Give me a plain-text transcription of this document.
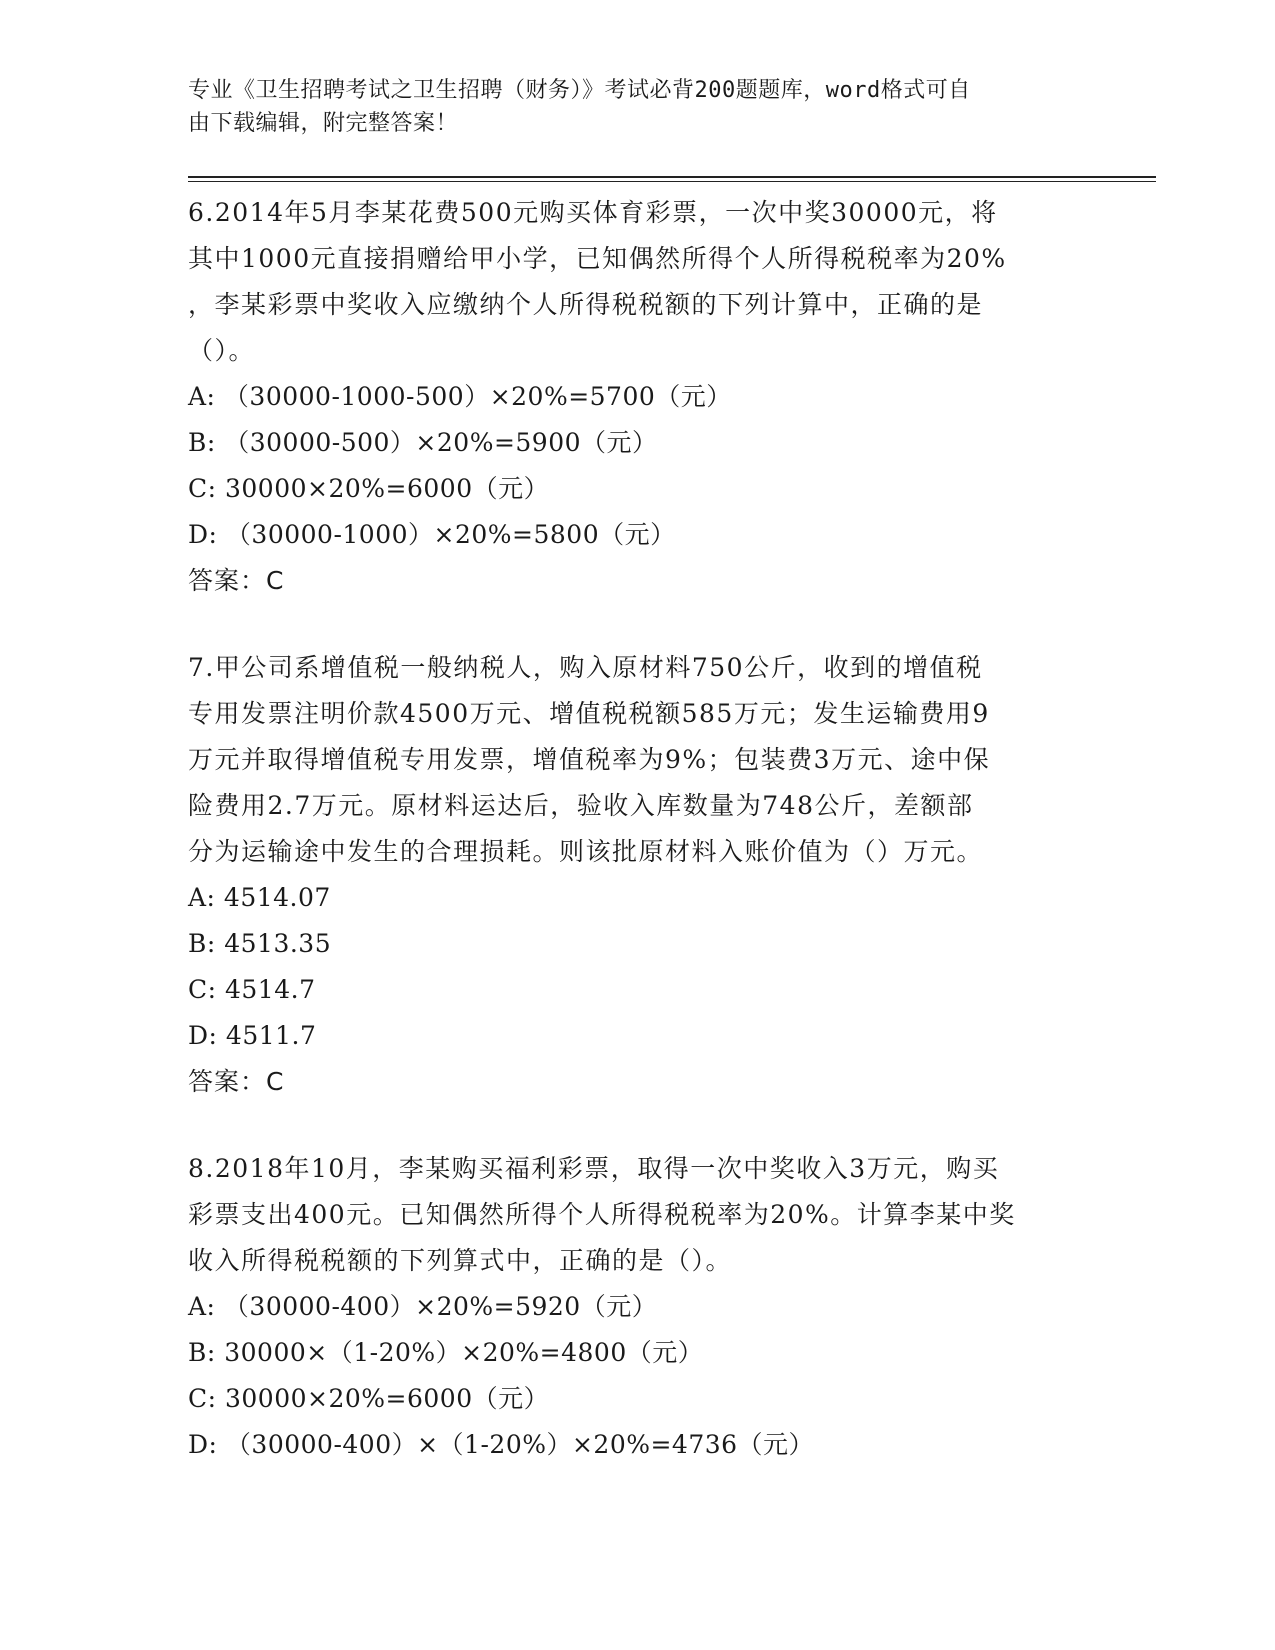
专业《卫生招聘考试之卫生招聘（财务）》考试必背200题题库，word格式可自
由下载编辑，附完整答案！

6.2014年5月李某花费500元购买体育彩票，一次中奖30000元，将

其中1000元直接捐赠给甲小学，已知偶然所得个人所得税税率为20%

，李某彩票中奖收入应缴纳个人所得税税额的下列计算中，正确的是

（）。

A: （30000-1000-500）×20%=5700（元）

B: （30000-500）×20%=5900（元）

C: 30000×20%=6000（元）

D: （30000-1000）×20%=5800（元）

答案：C

7.甲公司系增值税一般纳税人，购入原材料750公斤，收到的增值税

专用发票注明价款4500万元、增值税税额585万元；发生运输费用9

万元并取得增值税专用发票，增值税率为9%；包装费3万元、途中保

险费用2.7万元。原材料运达后，验收入库数量为748公斤，差额部

分为运输途中发生的合理损耗。则该批原材料入账价值为（）万元。

A: 4514.07

B: 4513.35

C: 4514.7

D: 4511.7

答案：C

8.2018年10月，李某购买福利彩票，取得一次中奖收入3万元，购买

彩票支出400元。已知偶然所得个人所得税税率为20%。计算李某中奖

收入所得税税额的下列算式中，正确的是（）。

A: （30000-400）×20%=5920（元）

B: 30000×（1-20%）×20%=4800（元）

C: 30000×20%=6000（元）

D: （30000-400）×（1-20%）×20%=4736（元）
